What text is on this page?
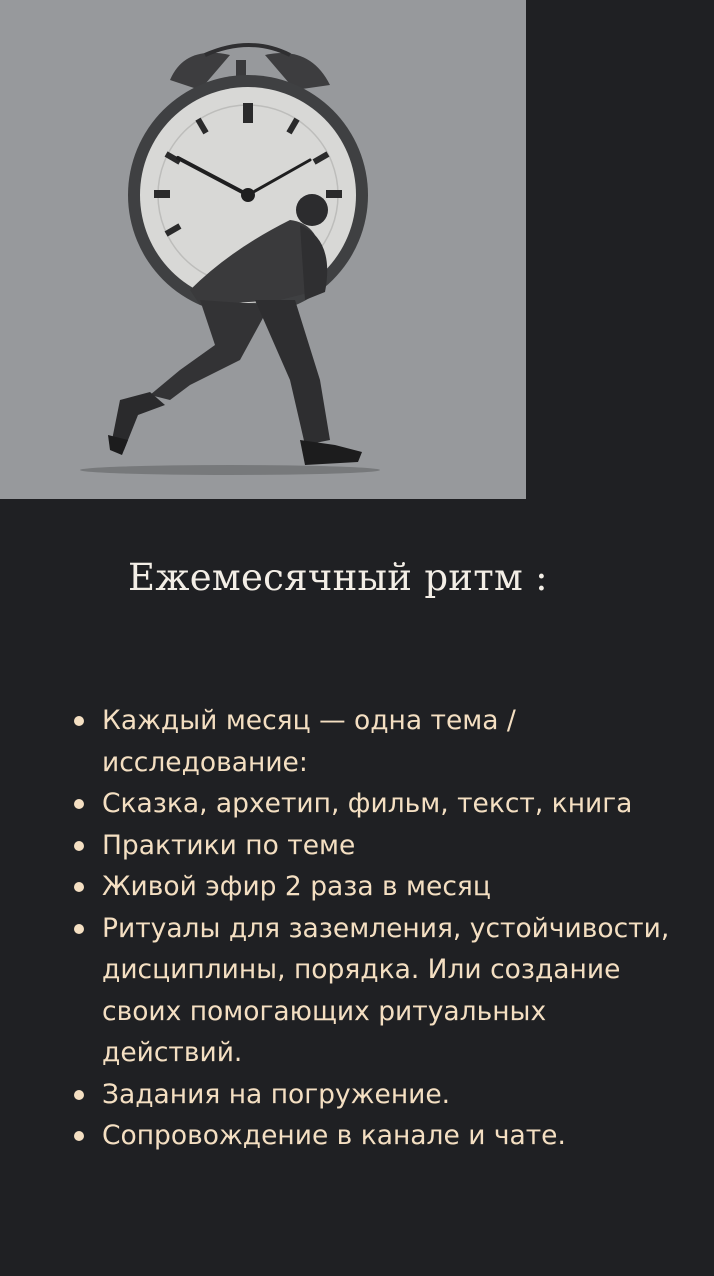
Ежемесячный ритм :
Каждый месяц — одна тема / исследование:
Сказка, архетип, фильм, текст, книга
Практики по теме
Живой эфир 2 раза в месяц
Ритуалы для заземления, устойчивости, дисциплины, порядка. Или создание своих помогающих ритуальных действий.
Задания на погружение.
Сопровождение в канале и чате.
